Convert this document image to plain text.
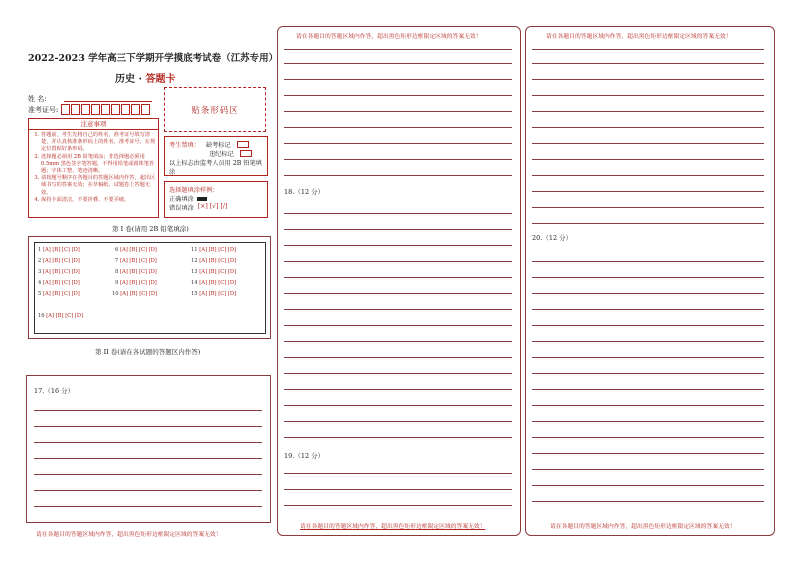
2022-2023 学年高三下学期开学摸底考试卷（江苏专用）
历史 · 答题卡
姓 名:
准考证号:	贴条形码区
注意事项
1. 答题前，考生先将自己的姓名，准考证号填写清楚，并认真核准条形码上的姓名、准考证号，在规定位置贴好条形码。
2. 选择题必须用 2B 铅笔填涂；非选择题必须用 0.5mm 黑色签字笔答题，不得用铅笔或圆珠笔答题；字体工整、笔迹清晰。
3. 请按题号顺序在各题目的答题区域内作答，超出区域书写的答案无效；在草稿纸、试题卷上答题无效。
4. 保持卡面清洁，不要折叠、不要弄破。
考生禁填： 缺考标记
违纪标记
以上标志由监考人员用 2B 铅笔填涂
选择题填涂样例：
正确填涂
错误填涂 [×] [√] [/]
第 I 卷(请用 2B 铅笔填涂)
1 [A] [B] [C] [D]
2 [A] [B] [C] [D]
3 [A] [B] [C] [D]
4 [A] [B] [C] [D]
5 [A] [B] [C] [D]
6 [A] [B] [C] [D]
7 [A] [B] [C] [D]
8 [A] [B] [C] [D]
9 [A] [B] [C] [D]
10 [A] [B] [C] [D]
11 [A] [B] [C] [D]
12 [A] [B] [C] [D]
13 [A] [B] [C] [D]
14 [A] [B] [C] [D]
15 [A] [B] [C] [D]
16 [A] [B] [C] [D]
第 II 卷(请在各试题的答题区内作答)
17.（16 分）
请在各题目的答题区域内作答，超出黑色矩形边框限定区域的答案无效！
请在各题目的答题区域内作答，超出黑色矩形边框限定区域的答案无效！
18.（12 分）
19.（12 分）
请在各题目的答题区域内作答，超出黑色矩形边框限定区域的答案无效！
请在各题目的答题区域内作答，超出黑色矩形边框限定区域的答案无效！
20.（12 分）
请在各题目的答题区域内作答，超出黑色矩形边框限定区域的答案无效！
